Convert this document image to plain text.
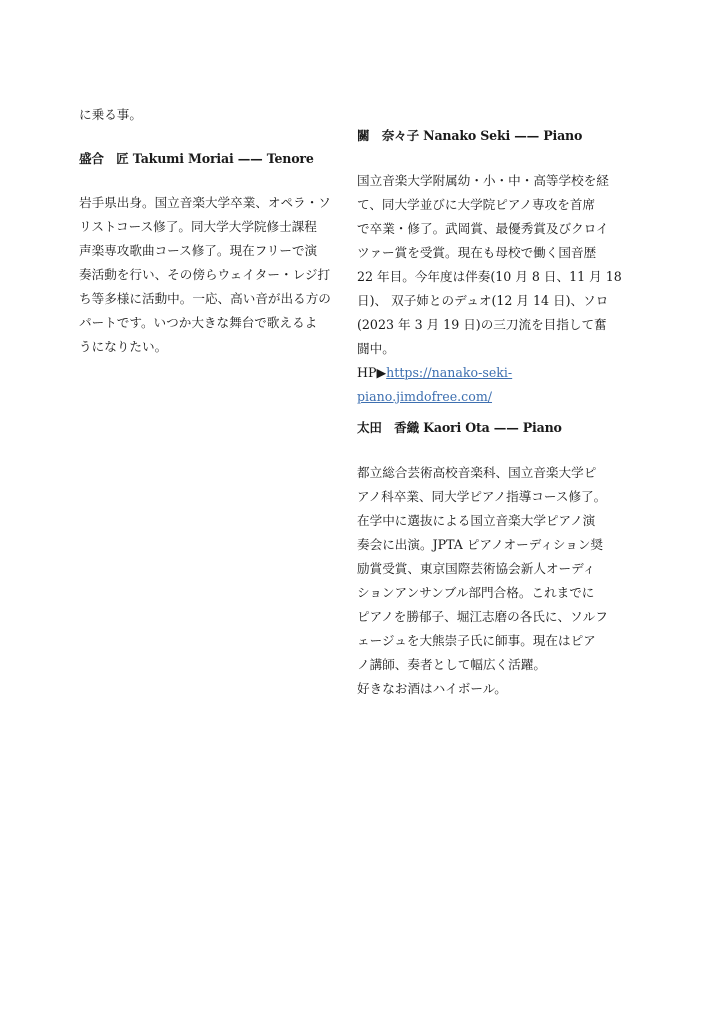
に乗る事。
盛合　匠 Takumi Moriai —— Tenore
岩手県出身。国立音楽大学卒業、オペラ・ソ
リストコース修了。同大学大学院修士課程
声楽専攻歌曲コース修了。現在フリーで演
奏活動を行い、その傍らウェイター・レジ打
ち等多様に活動中。一応、高い音が出る方の
パートです。いつか大きな舞台で歌えるよ
うになりたい。
關　奈々子 Nanako Seki —— Piano
国立音楽大学附属幼・小・中・高等学校を経
て、同大学並びに大学院ピアノ専攻を首席
で卒業・修了。武岡賞、最優秀賞及びクロイ
ツァー賞を受賞。現在も母校で働く国音歴
22 年目。今年度は伴奏(10 月 8 日、11 月 18
日)、 双子姉とのデュオ(12 月 14 日)、ソロ
(2023 年 3 月 19 日)の三刀流を目指して奮
闘中。
HP▶https://nanako-seki-
piano.jimdofree.com/
太田　香織 Kaori Ota —— Piano
都立総合芸術高校音楽科、国立音楽大学ピ
アノ科卒業、同大学ピアノ指導コース修了。
在学中に選抜による国立音楽大学ピアノ演
奏会に出演。JPTA ピアノオーディション奨
励賞受賞、東京国際芸術協会新人オーディ
ションアンサンブル部門合格。これまでに
ピアノを勝郁子、堀江志磨の各氏に、ソルフ
ェージュを大熊崇子氏に師事。現在はピア
ノ講師、奏者として幅広く活躍。
好きなお酒はハイボール。
